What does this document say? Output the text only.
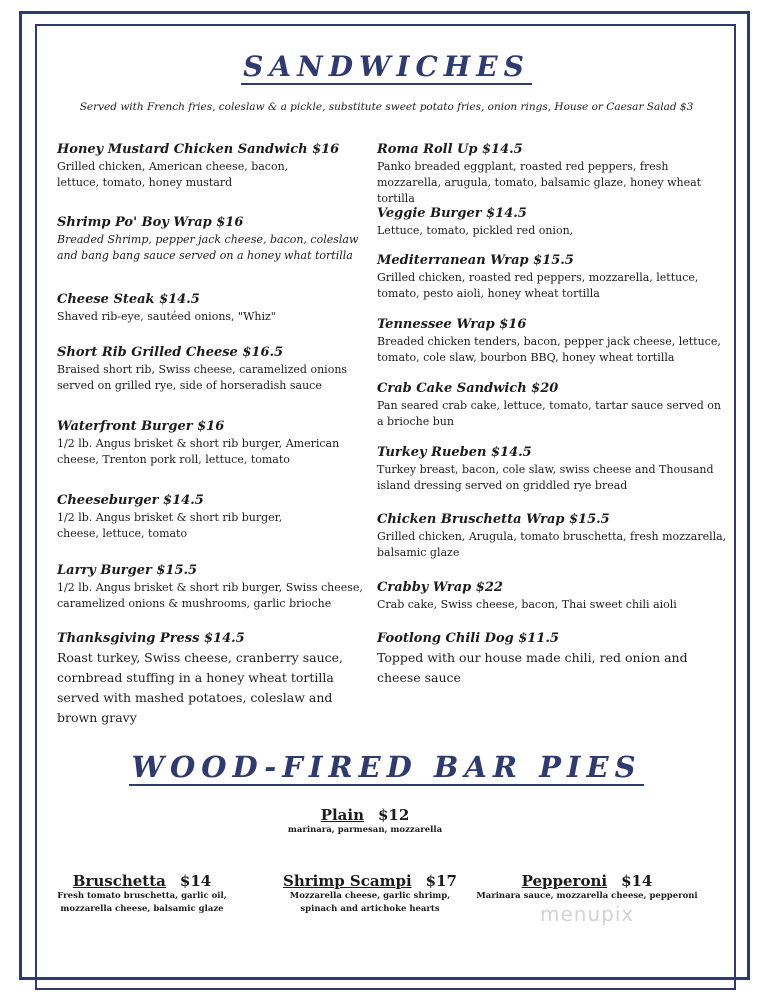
SANDWICHES

Served with French fries, coleslaw & a pickle, substitute sweet potato fries, onion rings, House or Caesar Salad $3

Honey Mustard Chicken Sandwich $16
Grilled chicken, American cheese, bacon, lettuce, tomato, honey mustard
Shrimp Po' Boy Wrap $16
Breaded Shrimp, pepper jack cheese, bacon, coleslaw and bang bang sauce served on a honey what tortilla
Cheese Steak $14.5
Shaved rib-eye, sautéed onions, "Whiz"
Short Rib Grilled Cheese $16.5
Braised short rib, Swiss cheese, caramelized onions served on grilled rye, side of horseradish sauce
Waterfront Burger $16
1/2 lb. Angus brisket & short rib burger, American cheese, Trenton pork roll, lettuce, tomato
Cheeseburger $14.5
1/2 lb. Angus brisket & short rib burger, cheese, lettuce, tomato
Larry Burger $15.5
1/2 lb. Angus brisket & short rib burger, Swiss cheese, caramelized onions & mushrooms, garlic brioche
Thanksgiving Press $14.5
Roast turkey, Swiss cheese, cranberry sauce, cornbread stuffing in a honey wheat tortilla served with mashed potatoes, coleslaw and brown gravy
Roma Roll Up $14.5
Panko breaded eggplant, roasted red peppers, fresh mozzarella, arugula, tomato, balsamic glaze, honey wheat tortilla
Veggie Burger $14.5
Lettuce, tomato, pickled red onion,
Mediterranean Wrap $15.5
Grilled chicken, roasted red peppers, mozzarella, lettuce, tomato, pesto aioli, honey wheat tortilla
Tennessee Wrap $16
Breaded chicken tenders, bacon, pepper jack cheese, lettuce, tomato, cole slaw, bourbon BBQ, honey wheat tortilla
Crab Cake Sandwich $20
Pan seared crab cake, lettuce, tomato, tartar sauce served on a brioche bun
Turkey Rueben $14.5
Turkey breast, bacon, cole slaw, swiss cheese and Thousand island dressing served on griddled rye bread
Chicken Bruschetta Wrap $15.5
Grilled chicken, Arugula, tomato bruschetta, fresh mozzarella, balsamic glaze
Crabby Wrap $22
Crab cake, Swiss cheese, bacon, Thai sweet chili aioli
Footlong Chili Dog $11.5
Topped with our house made chili, red onion and cheese sauce
WOOD-FIRED BAR PIES
Plain $12
marinara, parmesan, mozzarella
Bruschetta $14
Fresh tomato bruschetta, garlic oil, mozzarella cheese, balsamic glaze
Shrimp Scampi $17
Mozzarella cheese, garlic shrimp, spinach and artichoke hearts
Pepperoni $14
Marinara sauce, mozzarella cheese, pepperoni
menupix
